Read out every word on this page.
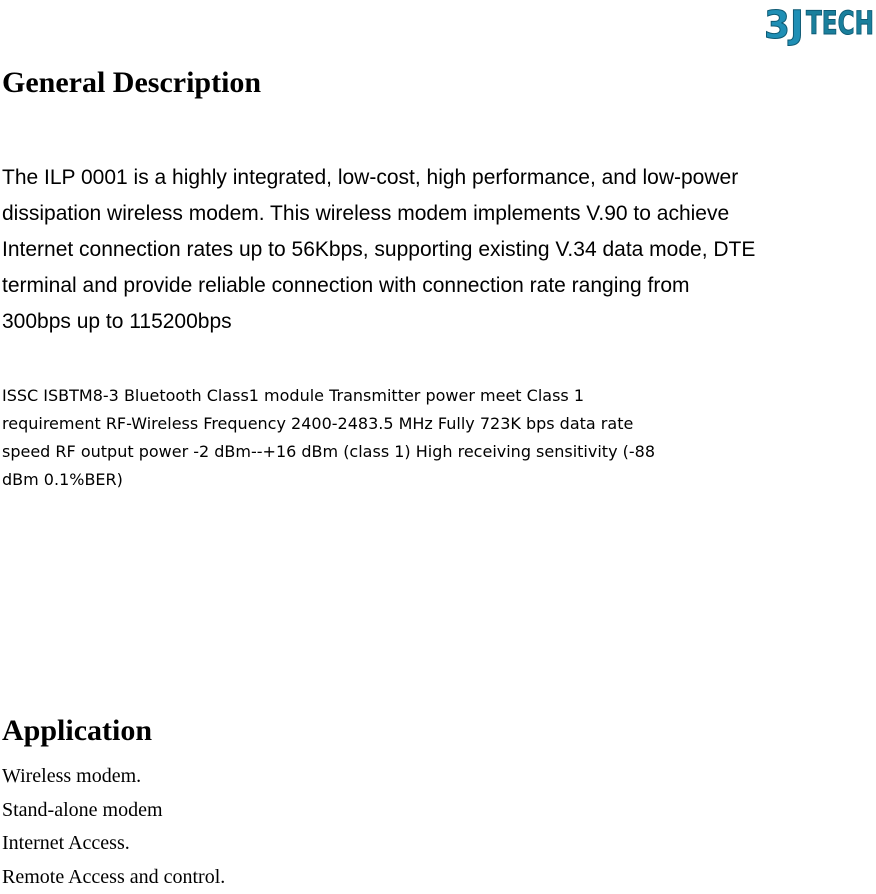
3J TECH
General Description

The ILP 0001 is a highly integrated, low-cost, high performance, and low-power
dissipation wireless modem. This wireless modem implements V.90 to achieve
Internet connection rates up to 56Kbps, supporting existing V.34 data mode, DTE
terminal and provide reliable connection with connection rate ranging from
300bps up to 115200bps

ISSC ISBTM8-3 Bluetooth Class1 module Transmitter power meet Class 1
requirement RF-Wireless Frequency 2400-2483.5 MHz Fully 723K bps data rate
speed RF output power -2 dBm--+16 dBm (class 1) High receiving sensitivity (-88
dBm 0.1%BER)

Application
Wireless modem.
Stand-alone modem
Internet Access.
Remote Access and control.
